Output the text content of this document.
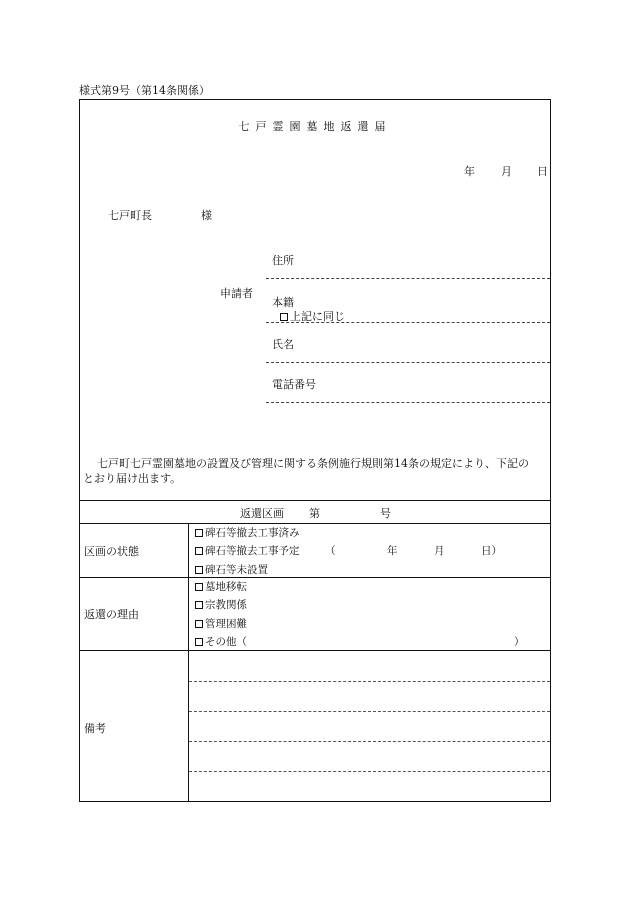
様式第9号（第14条関係）
七戸霊園墓地返還届
年 月 日
七戸町長	様
申請者
住所
本籍
上記に同じ
氏名
電話番号
七戸町七戸霊園墓地の設置及び管理に関する条例施行規則第14条の規定により、下記の
とおり届け出ます。
返還区画 第	号
区画の状態
碑石等撤去工事済み
碑石等撤去工事予定 （	年	月	日）
碑石等未設置
返還の理由
墓地移転
宗教関係
管理困難
その他（	）
備考
